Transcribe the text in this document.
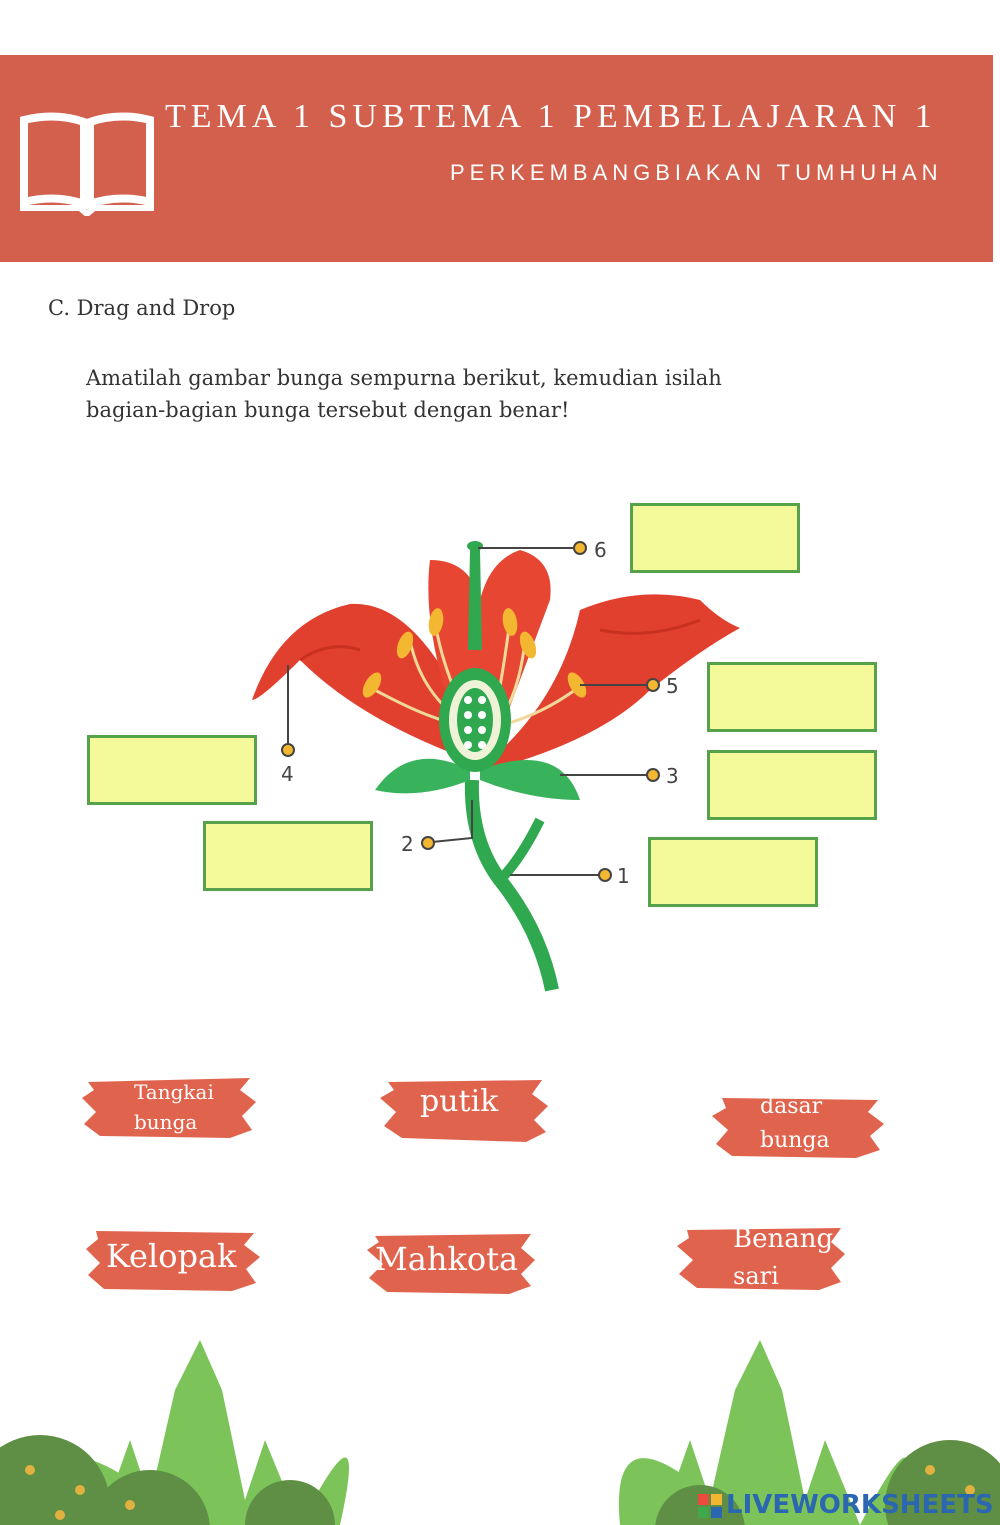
TEMA 1 SUBTEMA 1 PEMBELAJARAN 1
PERKEMBANGBIAKAN TUMHUHAN
C. Drag and Drop
Amatilah gambar bunga sempurna berikut, kemudian isilah
bagian-bagian bunga tersebut dengan benar!
6
5
3
4
2
1
Tangkai
bunga
putik	dasar
bunga
Kelopak	Mahkota
Benang
sari
LIVEWORKSHEETS
